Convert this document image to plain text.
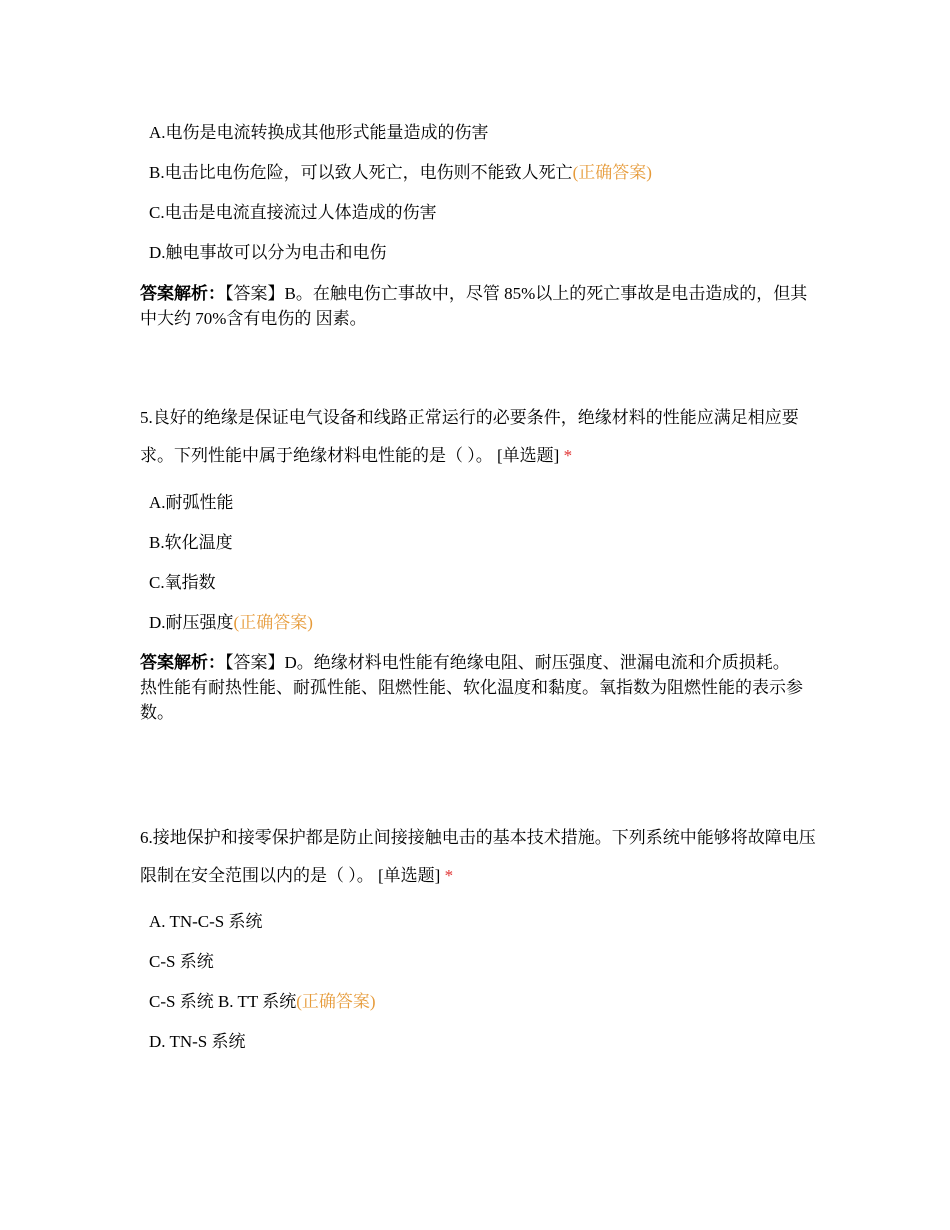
A.电伤是电流转换成其他形式能量造成的伤害
B.电击比电伤危险，可以致人死亡，电伤则不能致人死亡(正确答案)
C.电击是电流直接流过人体造成的伤害
D.触电事故可以分为电击和电伤
答案解析：【答案】B。在触电伤亡事故中，尽管 85%以上的死亡事故是电击造成的，但其中大约 70%含有电伤的 因素。
5.良好的绝缘是保证电气设备和线路正常运行的必要条件，绝缘材料的性能应满足相应要求。下列性能中属于绝缘材料电性能的是（ ）。 [单选题] *
A.耐弧性能
B.软化温度
C.氧指数
D.耐压强度(正确答案)
答案解析：【答案】D。绝缘材料电性能有绝缘电阻、耐压强度、泄漏电流和介质损耗。
热性能有耐热性能、耐孤性能、阻燃性能、软化温度和黏度。氧指数为阻燃性能的表示参数。
6.接地保护和接零保护都是防止间接接触电击的基本技术措施。下列系统中能够将故障电压限制在安全范围以内的是（ ）。 [单选题] *
A. TN-C-S 系统
C-S 系统
C-S 系统 B. TT 系统(正确答案)
D. TN-S 系统
